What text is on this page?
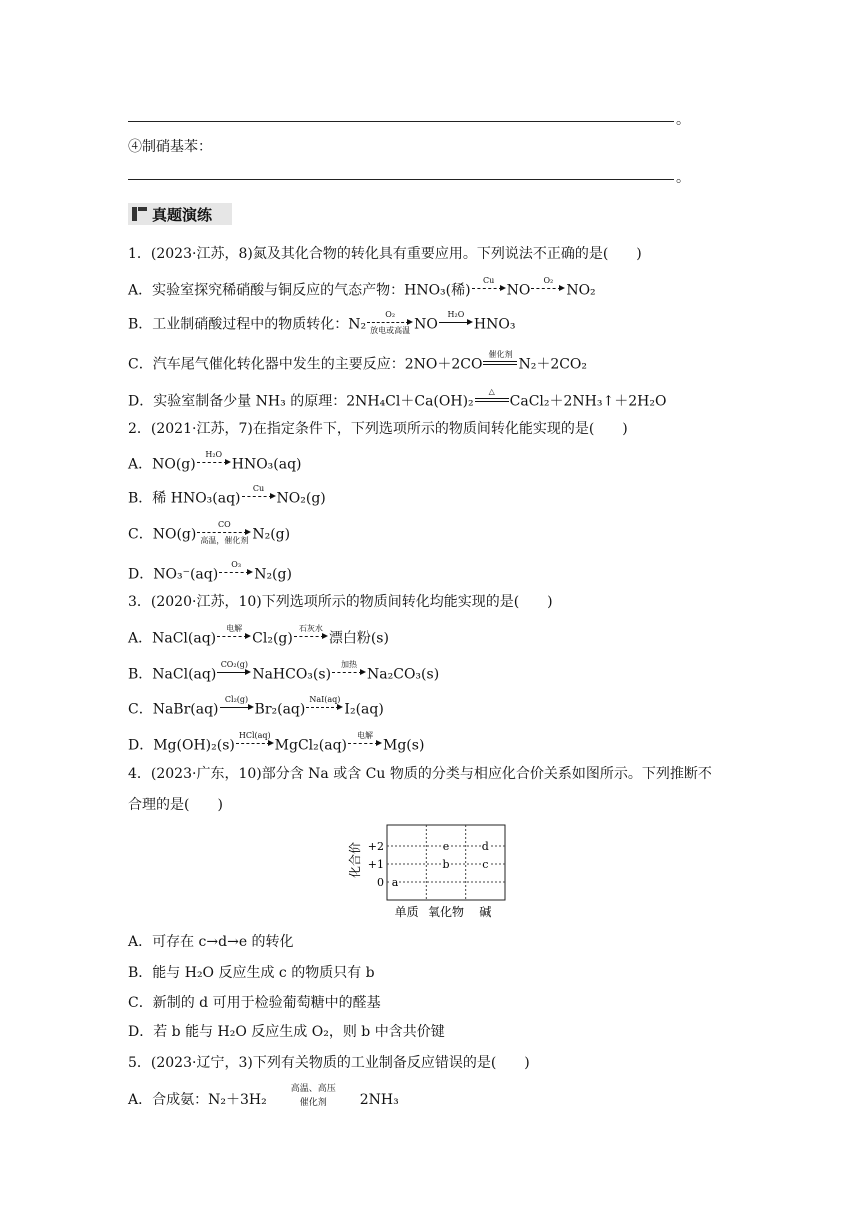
。
④制硝基苯：
。
真题演练
1．(2023·江苏，8)氮及其化合物的转化具有重要应用。下列说法不正确的是(　　)
A．实验室探究稀硝酸与铜反应的气态产物：HNO₃(稀)
Cu
NO
O₂
NO₂
B．工业制硝酸过程中的物质转化：N₂
O₂
放电或高温 NO
H₂O
HNO₃
C．汽车尾气催化转化器中发生的主要反应：2NO＋2CO
催化剂
N₂＋2CO₂
D．实验室制备少量 NH₃ 的原理：2NH₄Cl＋Ca(OH)₂
△
CaCl₂＋2NH₃↑＋2H₂O
2．(2021·江苏，7)在指定条件下，下列选项所示的物质间转化能实现的是(　　)
A．NO(g)
H₂O
HNO₃(aq)
B．稀 HNO₃(aq)
Cu
NO₂(g)
C．NO(g)
CO
高温，催化剂 N₂(g)
D．NO₃⁻(aq)
O₃
N₂(g)
3．(2020·江苏，10)下列选项所示的物质间转化均能实现的是(　　)
A．NaCl(aq)
电解
Cl₂(g)
石灰水
漂白粉(s)
B．NaCl(aq)
CO₂(g)
NaHCO₃(s)
加热
Na₂CO₃(s)
C．NaBr(aq)
Cl₂(g)
Br₂(aq)
NaI(aq)
I₂(aq)
D．Mg(OH)₂(s)
HCl(aq)
MgCl₂(aq)
电解
Mg(s)
4．(2023·广东，10)部分含 Na 或含 Cu 物质的分类与相应化合价关系如图所示。下列推断不
合理的是(　　)
化合价 +2
+1
0
单质 氧化物 碱
a
b	c
d
e
A．可存在 c→d→e 的转化
B．能与 H₂O 反应生成 c 的物质只有 b
C．新制的 d 可用于检验葡萄糖中的醛基
D．若 b 能与 H₂O 反应生成 O₂，则 b 中含共价键
5．(2023·辽宁，3)下列有关物质的工业制备反应错误的是(　　)
A．合成氨：N₂＋3H₂
高温、高压
催化剂 2NH₃
